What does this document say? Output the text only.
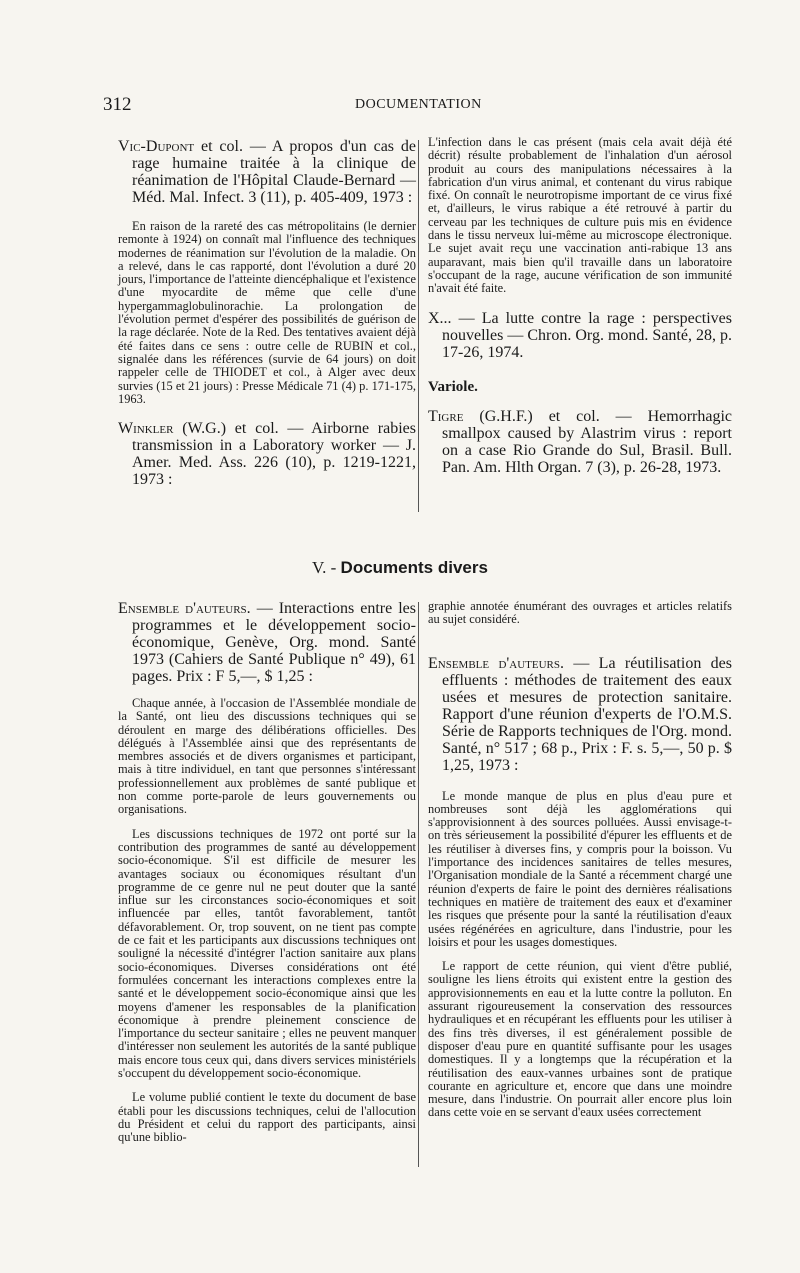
312	DOCUMENTATION

Vic-Dupont et col. — A propos d'un cas de rage humaine traitée à la clinique de réanimation de l'Hôpital Claude-Bernard — Méd. Mal. Infect. 3 (11), p. 405-409, 1973 :

En raison de la rareté des cas métropolitains (le dernier remonte à 1924) on connaît mal l'influence des techniques modernes de réanimation sur l'évolution de la maladie. On a relevé, dans le cas rapporté, dont l'évolution a duré 20 jours, l'importance de l'atteinte diencéphalique et l'existence d'une myocardite de même que celle d'une hypergammaglobulinorachie. La prolongation de l'évolution permet d'espérer des possibilités de guérison de la rage déclarée. Note de la Red. Des tentatives avaient déjà été faites dans ce sens : outre celle de RUBIN et col., signalée dans les références (survie de 64 jours) on doit rappeler celle de THIODET et col., à Alger avec deux survies (15 et 21 jours) : Presse Médicale 71 (4) p. 171-175, 1963.

Winkler (W.G.) et col. — Airborne rabies transmission in a Laboratory worker — J. Amer. Med. Ass. 226 (10), p. 1219-1221, 1973 :

L'infection dans le cas présent (mais cela avait déjà été décrit) résulte probablement de l'inhalation d'un aérosol produit au cours des manipulations nécessaires à la fabrication d'un virus animal, et contenant du virus rabique fixé. On connaît le neurotropisme important de ce virus fixé et, d'ailleurs, le virus rabique a été retrouvé à partir du cerveau par les techniques de culture puis mis en évidence dans le tissu nerveux lui-même au microscope électronique. Le sujet avait reçu une vaccination anti-rabique 13 ans auparavant, mais bien qu'il travaille dans un laboratoire s'occupant de la rage, aucune vérification de son immunité n'avait été faite.

X... — La lutte contre la rage : perspectives nouvelles — Chron. Org. mond. Santé, 28, p. 17-26, 1974.

Variole.

Tigre (G.H.F.) et col. — Hemorrhagic smallpox caused by Alastrim virus : report on a case Rio Grande do Sul, Brasil. Bull. Pan. Am. Hlth Organ. 7 (3), p. 26-28, 1973.

V. - Documents divers

Ensemble d'auteurs. — Interactions entre les programmes et le développement socio-économique, Genève, Org. mond. Santé 1973 (Cahiers de Santé Publique n° 49), 61 pages. Prix : F 5,—, $ 1,25 :

Chaque année, à l'occasion de l'Assemblée mondiale de la Santé, ont lieu des discussions techniques qui se déroulent en marge des délibérations officielles. Des délégués à l'Assemblée ainsi que des représentants de membres associés et de divers organismes et participant, mais à titre individuel, en tant que personnes s'intéressant professionnellement aux problèmes de santé publique et non comme porte-parole de leurs gouvernements ou organisations.

Les discussions techniques de 1972 ont porté sur la contribution des programmes de santé au développement socio-économique. S'il est difficile de mesurer les avantages sociaux ou économiques résultant d'un programme de ce genre nul ne peut douter que la santé influe sur les circonstances socio-économiques et soit influencée par elles, tantôt favorablement, tantôt défavorablement. Or, trop souvent, on ne tient pas compte de ce fait et les participants aux discussions techniques ont souligné la nécessité d'intégrer l'action sanitaire aux plans socio-économiques. Diverses considérations ont été formulées concernant les interactions complexes entre la santé et le développement socio-économique ainsi que les moyens d'amener les responsables de la planification économique à prendre pleinement conscience de l'importance du secteur sanitaire ; elles ne peuvent manquer d'intéresser non seulement les autorités de la santé publique mais encore tous ceux qui, dans divers services ministériels s'occupent du développement socio-économique.

Le volume publié contient le texte du document de base établi pour les discussions techniques, celui de l'allocution du Président et celui du rapport des participants, ainsi qu'une biblio-

graphie annotée énumérant des ouvrages et articles relatifs au sujet considéré.

Ensemble d'auteurs. — La réutilisation des effluents : méthodes de traitement des eaux usées et mesures de protection sanitaire. Rapport d'une réunion d'experts de l'O.M.S. Série de Rapports techniques de l'Org. mond. Santé, n° 517 ; 68 p., Prix : F. s. 5,—, 50 p. $ 1,25, 1973 :

Le monde manque de plus en plus d'eau pure et nombreuses sont déjà les agglomérations qui s'approvisionnent à des sources polluées. Aussi envisage-t-on très sérieusement la possibilité d'épurer les effluents et de les réutiliser à diverses fins, y compris pour la boisson. Vu l'importance des incidences sanitaires de telles mesures, l'Organisation mondiale de la Santé a récemment chargé une réunion d'experts de faire le point des dernières réalisations techniques en matière de traitement des eaux et d'examiner les risques que présente pour la santé la réutilisation d'eaux usées régénérées en agriculture, dans l'industrie, pour les loisirs et pour les usages domestiques.

Le rapport de cette réunion, qui vient d'être publié, souligne les liens étroits qui existent entre la gestion des approvisionnements en eau et la lutte contre la polluton. En assurant rigoureusement la conservation des ressources hydrauliques et en récupérant les effluents pour les utiliser à des fins très diverses, il est généralement possible de disposer d'eau pure en quantité suffisante pour les usages domestiques. Il y a longtemps que la récupération et la réutilisation des eaux-vannes urbaines sont de pratique courante en agriculture et, encore que dans une moindre mesure, dans l'industrie. On pourrait aller encore plus loin dans cette voie en se servant d'eaux usées correctement
